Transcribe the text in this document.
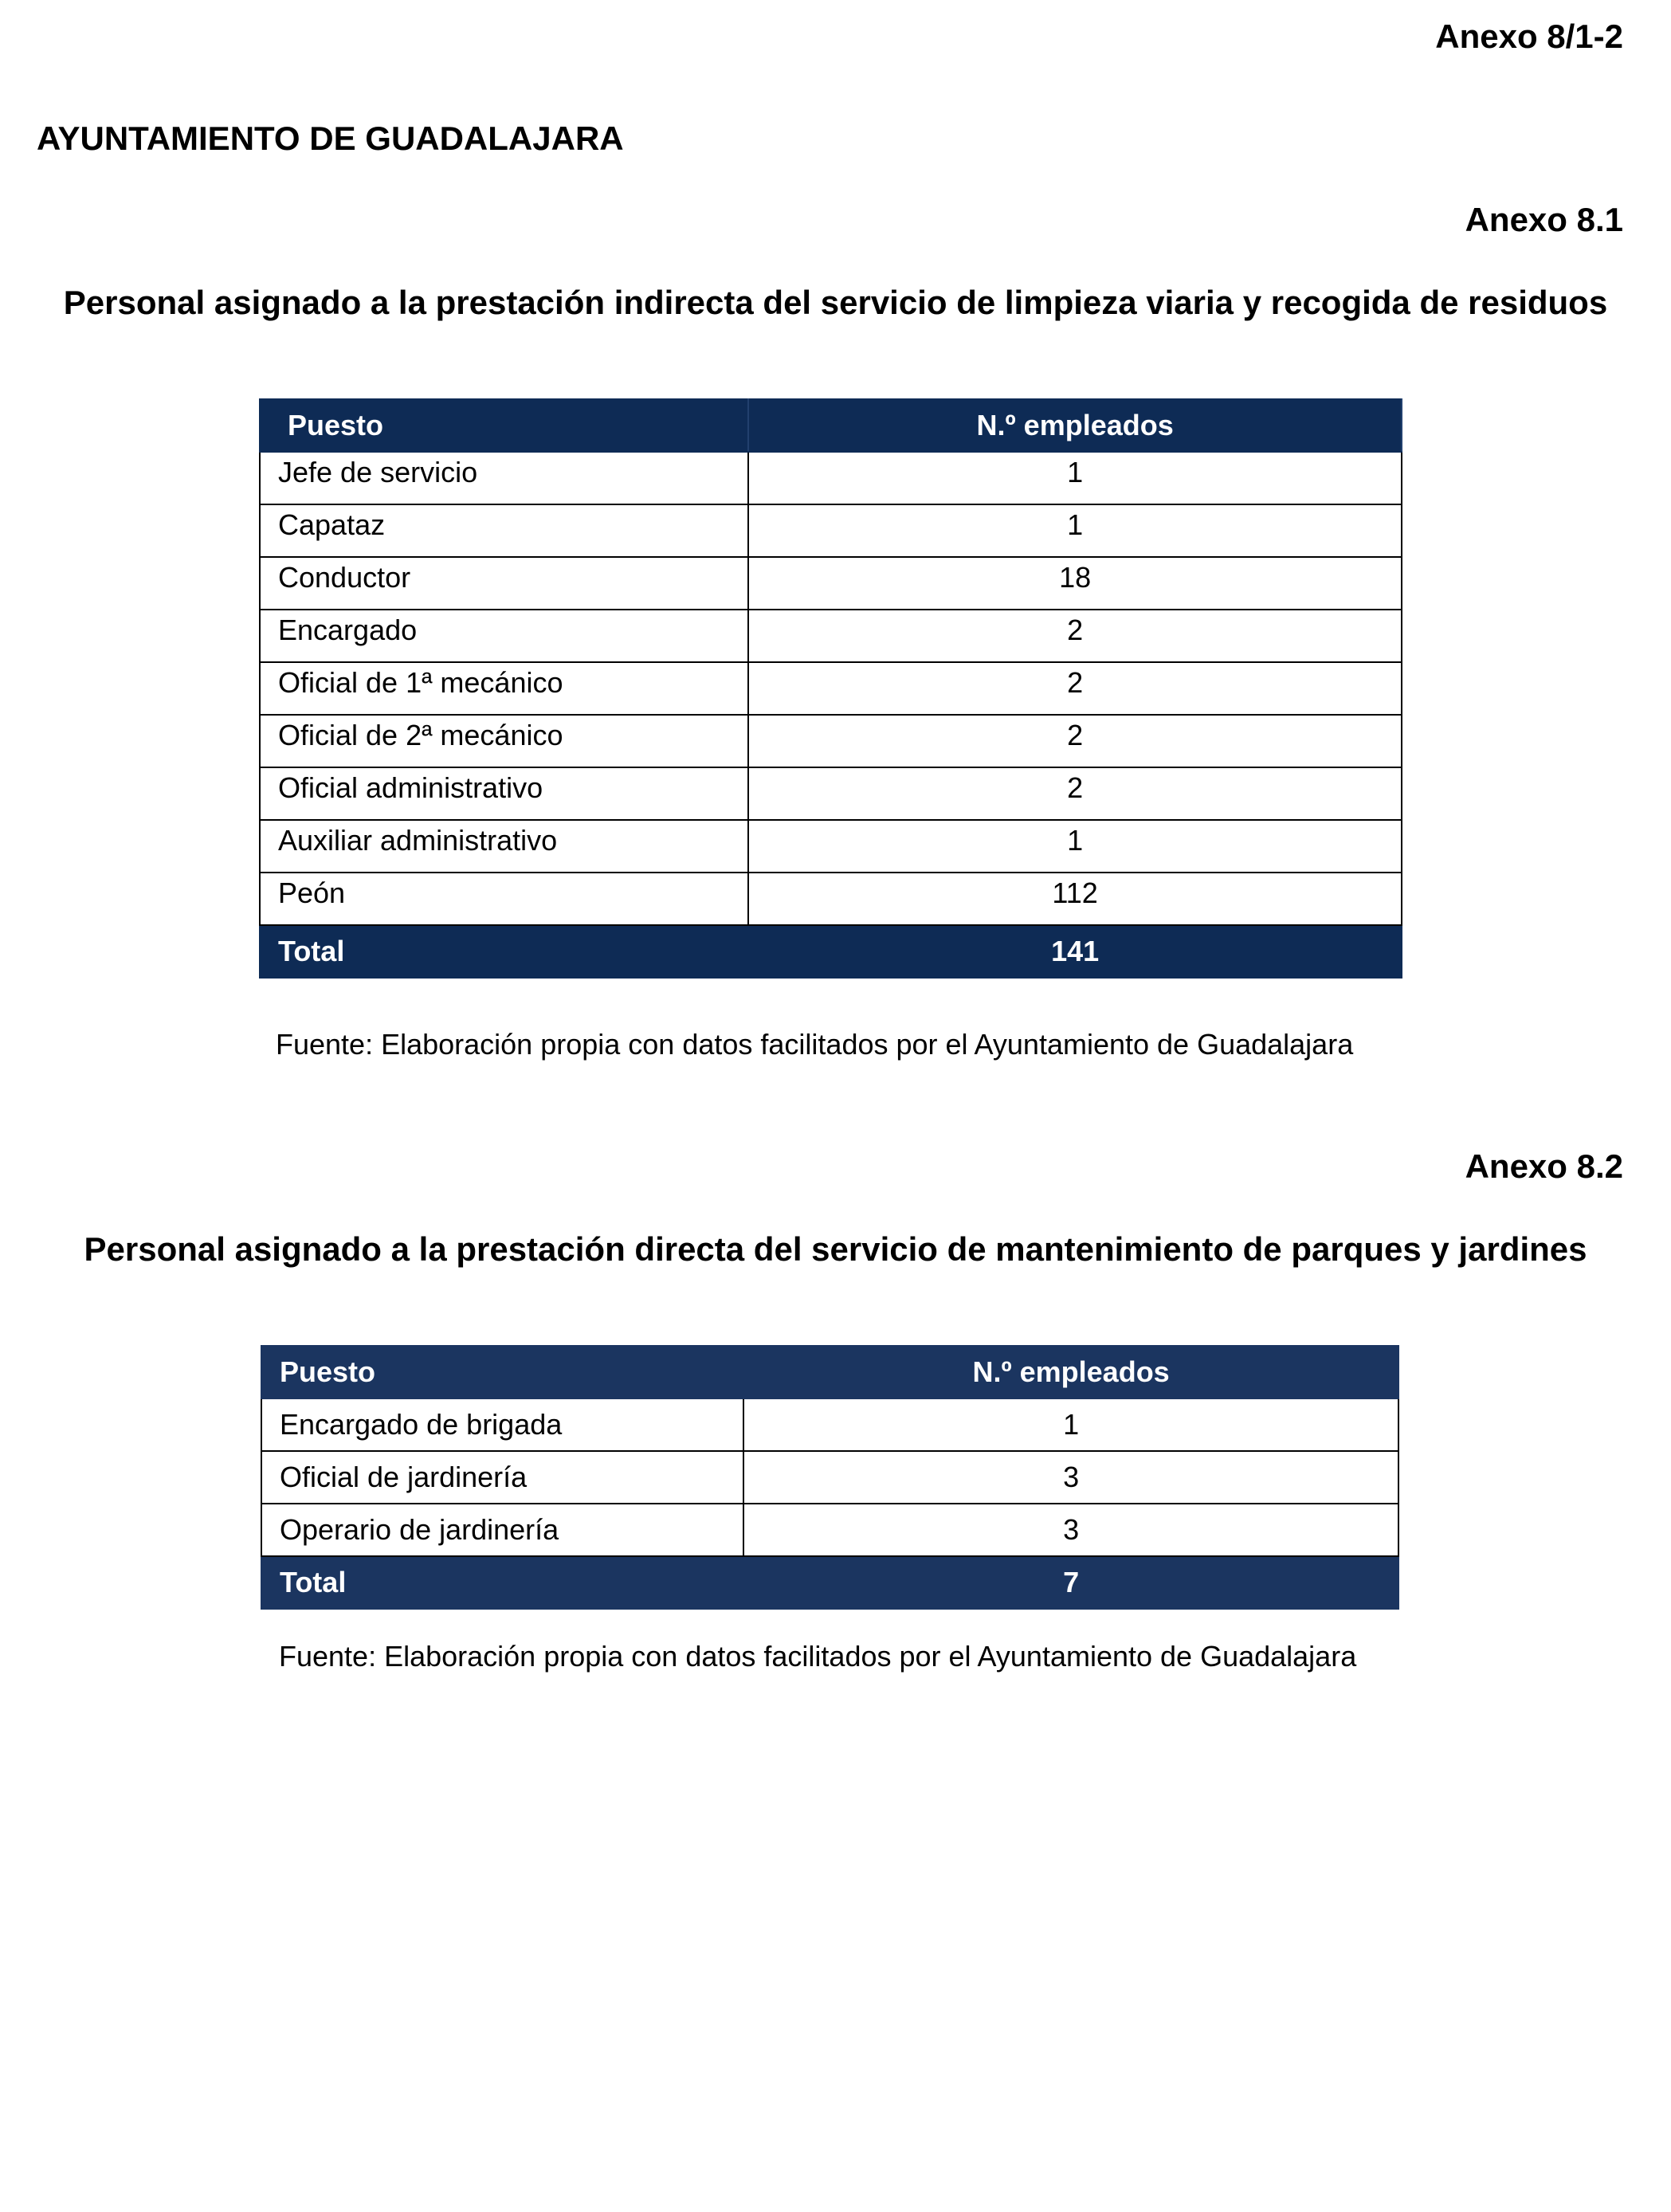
Anexo 8/1-2
AYUNTAMIENTO DE GUADALAJARA
Anexo 8.1
Personal asignado a la prestación indirecta del servicio de limpieza viaria y recogida de residuos
Puesto	N.º empleados
Jefe de servicio	1
Capataz	1
Conductor	18
Encargado	2
Oficial de 1ª mecánico	2
Oficial de 2ª mecánico	2
Oficial administrativo	2
Auxiliar administrativo	1
Peón	112
Total	141
Fuente: Elaboración propia con datos facilitados por el Ayuntamiento de Guadalajara
Anexo 8.2
Personal asignado a la prestación directa del servicio de mantenimiento de parques y jardines
Puesto	N.º empleados
Encargado de brigada	1
Oficial de jardinería	3
Operario de jardinería	3
Total	7
Fuente: Elaboración propia con datos facilitados por el Ayuntamiento de Guadalajara
